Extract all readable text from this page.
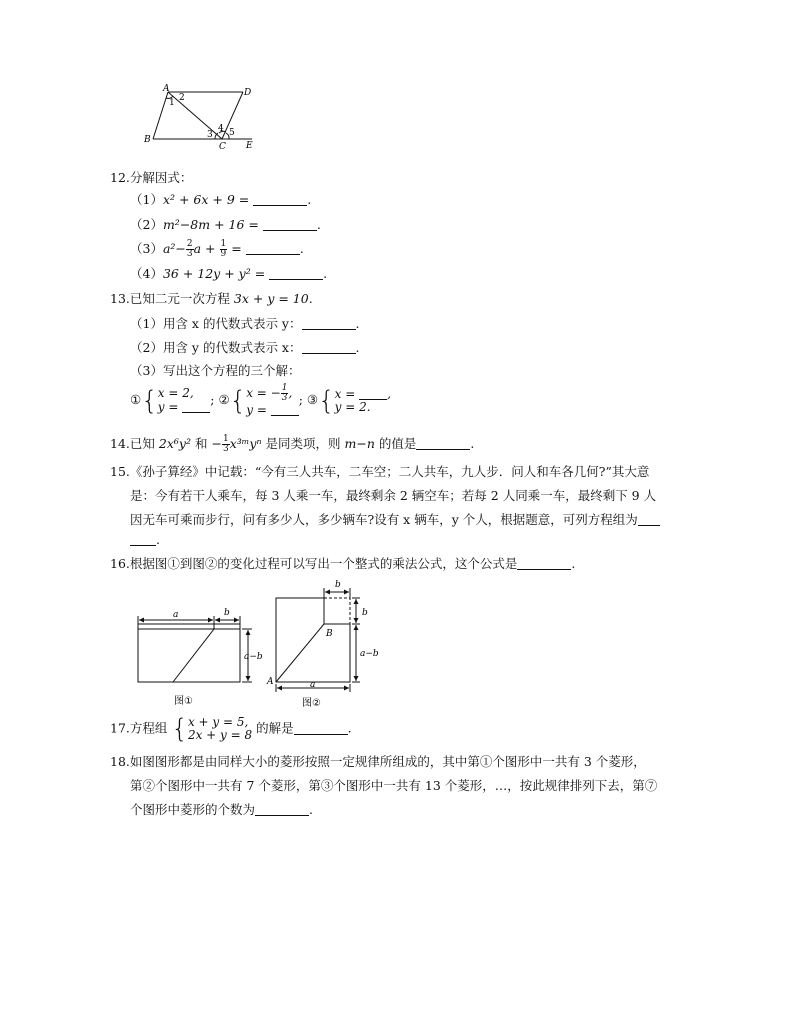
A	D
B
C E
1 2
3
4 5
12.分解因式：
（1）x² + 6x + 9 =	.
（2）m²−8m + 16 =	.
$(3)a^2- \frac{2}{3}$ $a + \frac{1}{9}$ =	.
（4）36 + 12y + y² =	.
13.已知二元一次方程 3x + y = 10.
（1）用含 x 的代数式表示 y：	.
（2）用含 y 的代数式表示 x：	.
（3）写出这个方程的三个解：
①{x = 2,
y =	; ②{x = − $\frac{1}{3}$ ,
y = ; ③{x =	,
y = 2.
14.已知 2x⁶y² 和 − $\frac{1}{3}$ x³ᵐyⁿ 是同类项，则 m−n 的值是	.
15.《孙子算经》中记载：“今有三人共车，二车空；二人共车，九人步．问人和车各几何?”其大意
是：今有若干人乘车，每 3 人乘一车，最终剩余 2 辆空车；若每 2 人同乘一车，最终剩下 9 人
因无车可乘而步行，问有多少人，多少辆车?设有 x 辆车，y 个人，根据题意，可列方程组为
.
16.根据图①到图②的变化过程可以写出一个整式的乘法公式，这个公式是	.
a	b
a−b
图①
b
b
a−b
B
A	a
图②
17.方程组 {x + y = 5,
2x + y = 8 的解是	.
18.如图图形都是由同样大小的菱形按照一定规律所组成的，其中第①个图形中一共有 3 个菱形，
第②个图形中一共有 7 个菱形，第③个图形中一共有 13 个菱形，…，按此规律排列下去，第⑦
个图形中菱形的个数为	.
